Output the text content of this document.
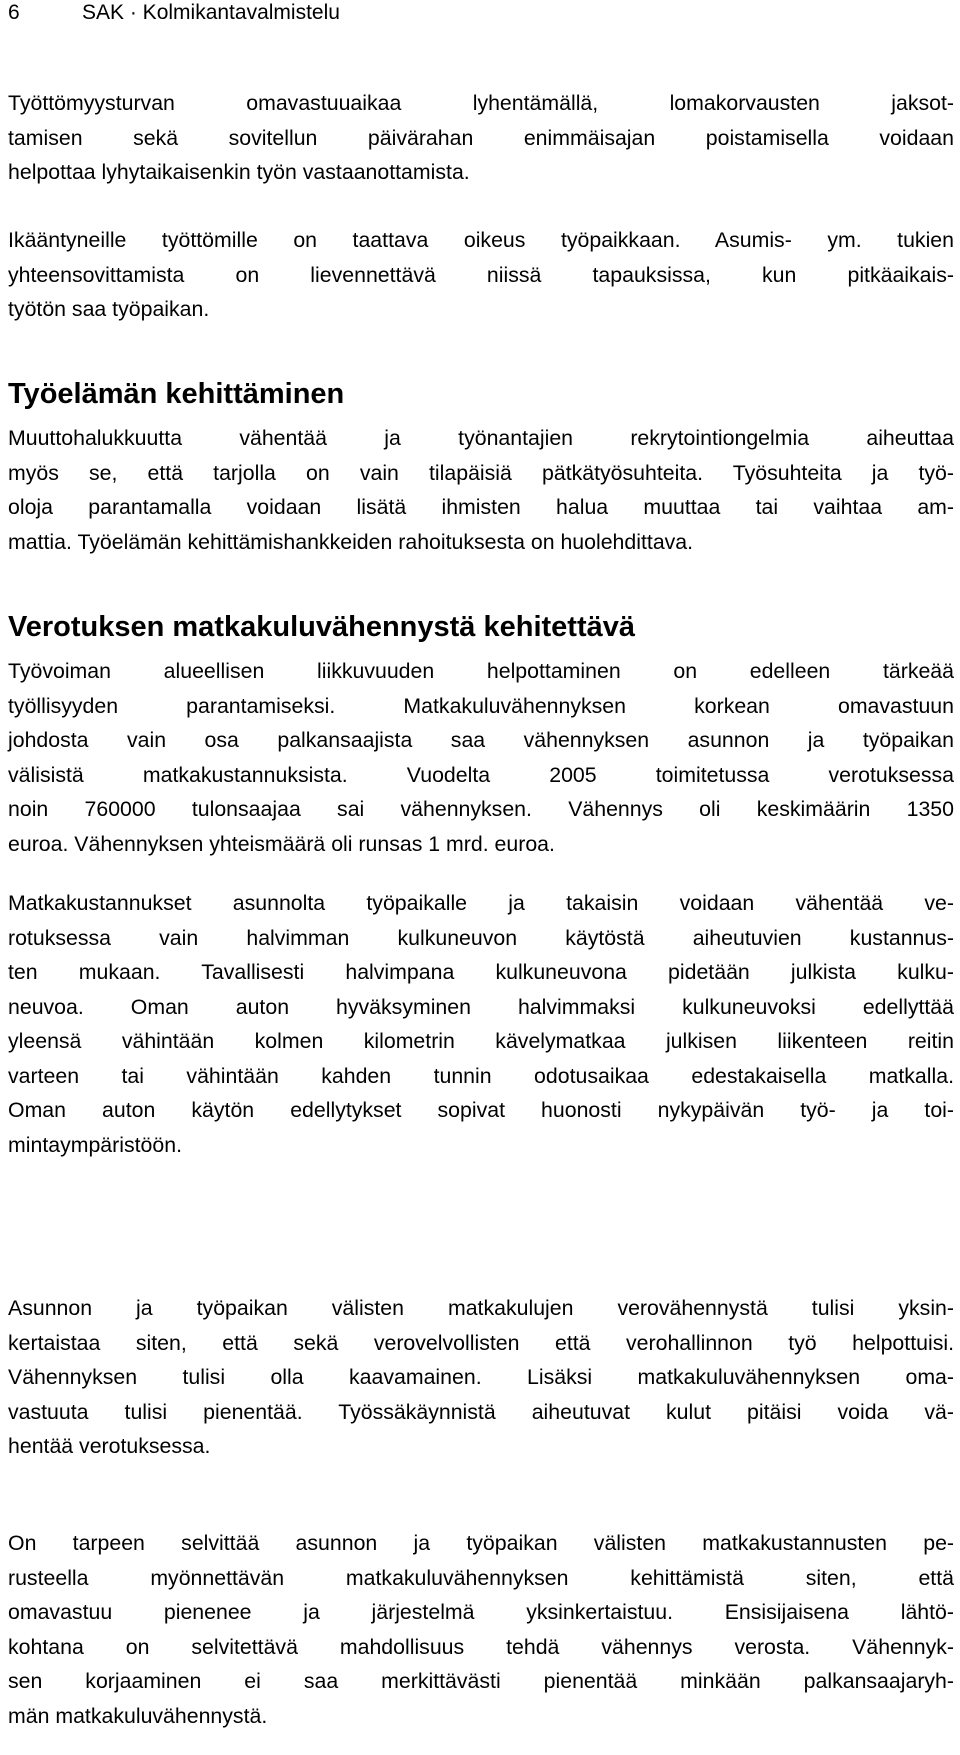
6	SAK · Kolmikantavalmistelu
Työttömyysturvan omavastuuaikaa lyhentämällä, lomakorvausten jaksot-
tamisen sekä sovitellun päivärahan enimmäisajan poistamisella voidaan
helpottaa lyhytaikaisenkin työn vastaanottamista.
Ikääntyneille työttömille on taattava oikeus työpaikkaan. Asumis- ym. tukien
yhteensovittamista on lievennettävä niissä tapauksissa, kun pitkäaikais-
työtön saa työpaikan.
Työelämän kehittäminen
Muuttohalukkuutta vähentää ja työnantajien rekrytointiongelmia aiheuttaa
myös se, että tarjolla on vain tilapäisiä pätkätyösuhteita. Työsuhteita ja työ-
oloja parantamalla voidaan lisätä ihmisten halua muuttaa tai vaihtaa am-
mattia. Työelämän kehittämishankkeiden rahoituksesta on huolehdittava.
Verotuksen matkakuluvähennystä kehitettävä
Työvoiman alueellisen liikkuvuuden helpottaminen on edelleen tärkeää
työllisyyden parantamiseksi. Matkakuluvähennyksen korkean omavastuun
johdosta vain osa palkansaajista saa vähennyksen asunnon ja työpaikan
välisistä matkakustannuksista. Vuodelta 2005 toimitetussa verotuksessa
noin 760000 tulonsaajaa sai vähennyksen. Vähennys oli keskimäärin 1350
euroa. Vähennyksen yhteismäärä oli runsas 1 mrd. euroa.
Matkakustannukset asunnolta työpaikalle ja takaisin voidaan vähentää ve-
rotuksessa vain halvimman kulkuneuvon käytöstä aiheutuvien kustannus-
ten mukaan. Tavallisesti halvimpana kulkuneuvona pidetään julkista kulku-
neuvoa. Oman auton hyväksyminen halvimmaksi kulkuneuvoksi edellyttää
yleensä vähintään kolmen kilometrin kävelymatkaa julkisen liikenteen reitin
varteen tai vähintään kahden tunnin odotusaikaa edestakaisella matkalla.
Oman auton käytön edellytykset sopivat huonosti nykypäivän työ- ja toi-
mintaympäristöön.
Asunnon ja työpaikan välisten matkakulujen verovähennystä tulisi yksin-
kertaistaa siten, että sekä verovelvollisten että verohallinnon työ helpottuisi.
Vähennyksen tulisi olla kaavamainen. Lisäksi matkakuluvähennyksen oma-
vastuuta tulisi pienentää. Työssäkäynnistä aiheutuvat kulut pitäisi voida vä-
hentää verotuksessa.
On tarpeen selvittää asunnon ja työpaikan välisten matkakustannusten pe-
rusteella myönnettävän matkakuluvähennyksen kehittämistä siten, että
omavastuu pienenee ja järjestelmä yksinkertaistuu. Ensisijaisena lähtö-
kohtana on selvitettävä mahdollisuus tehdä vähennys verosta. Vähennyk-
sen korjaaminen ei saa merkittävästi pienentää minkään palkansaajaryh-
män matkakuluvähennystä.
